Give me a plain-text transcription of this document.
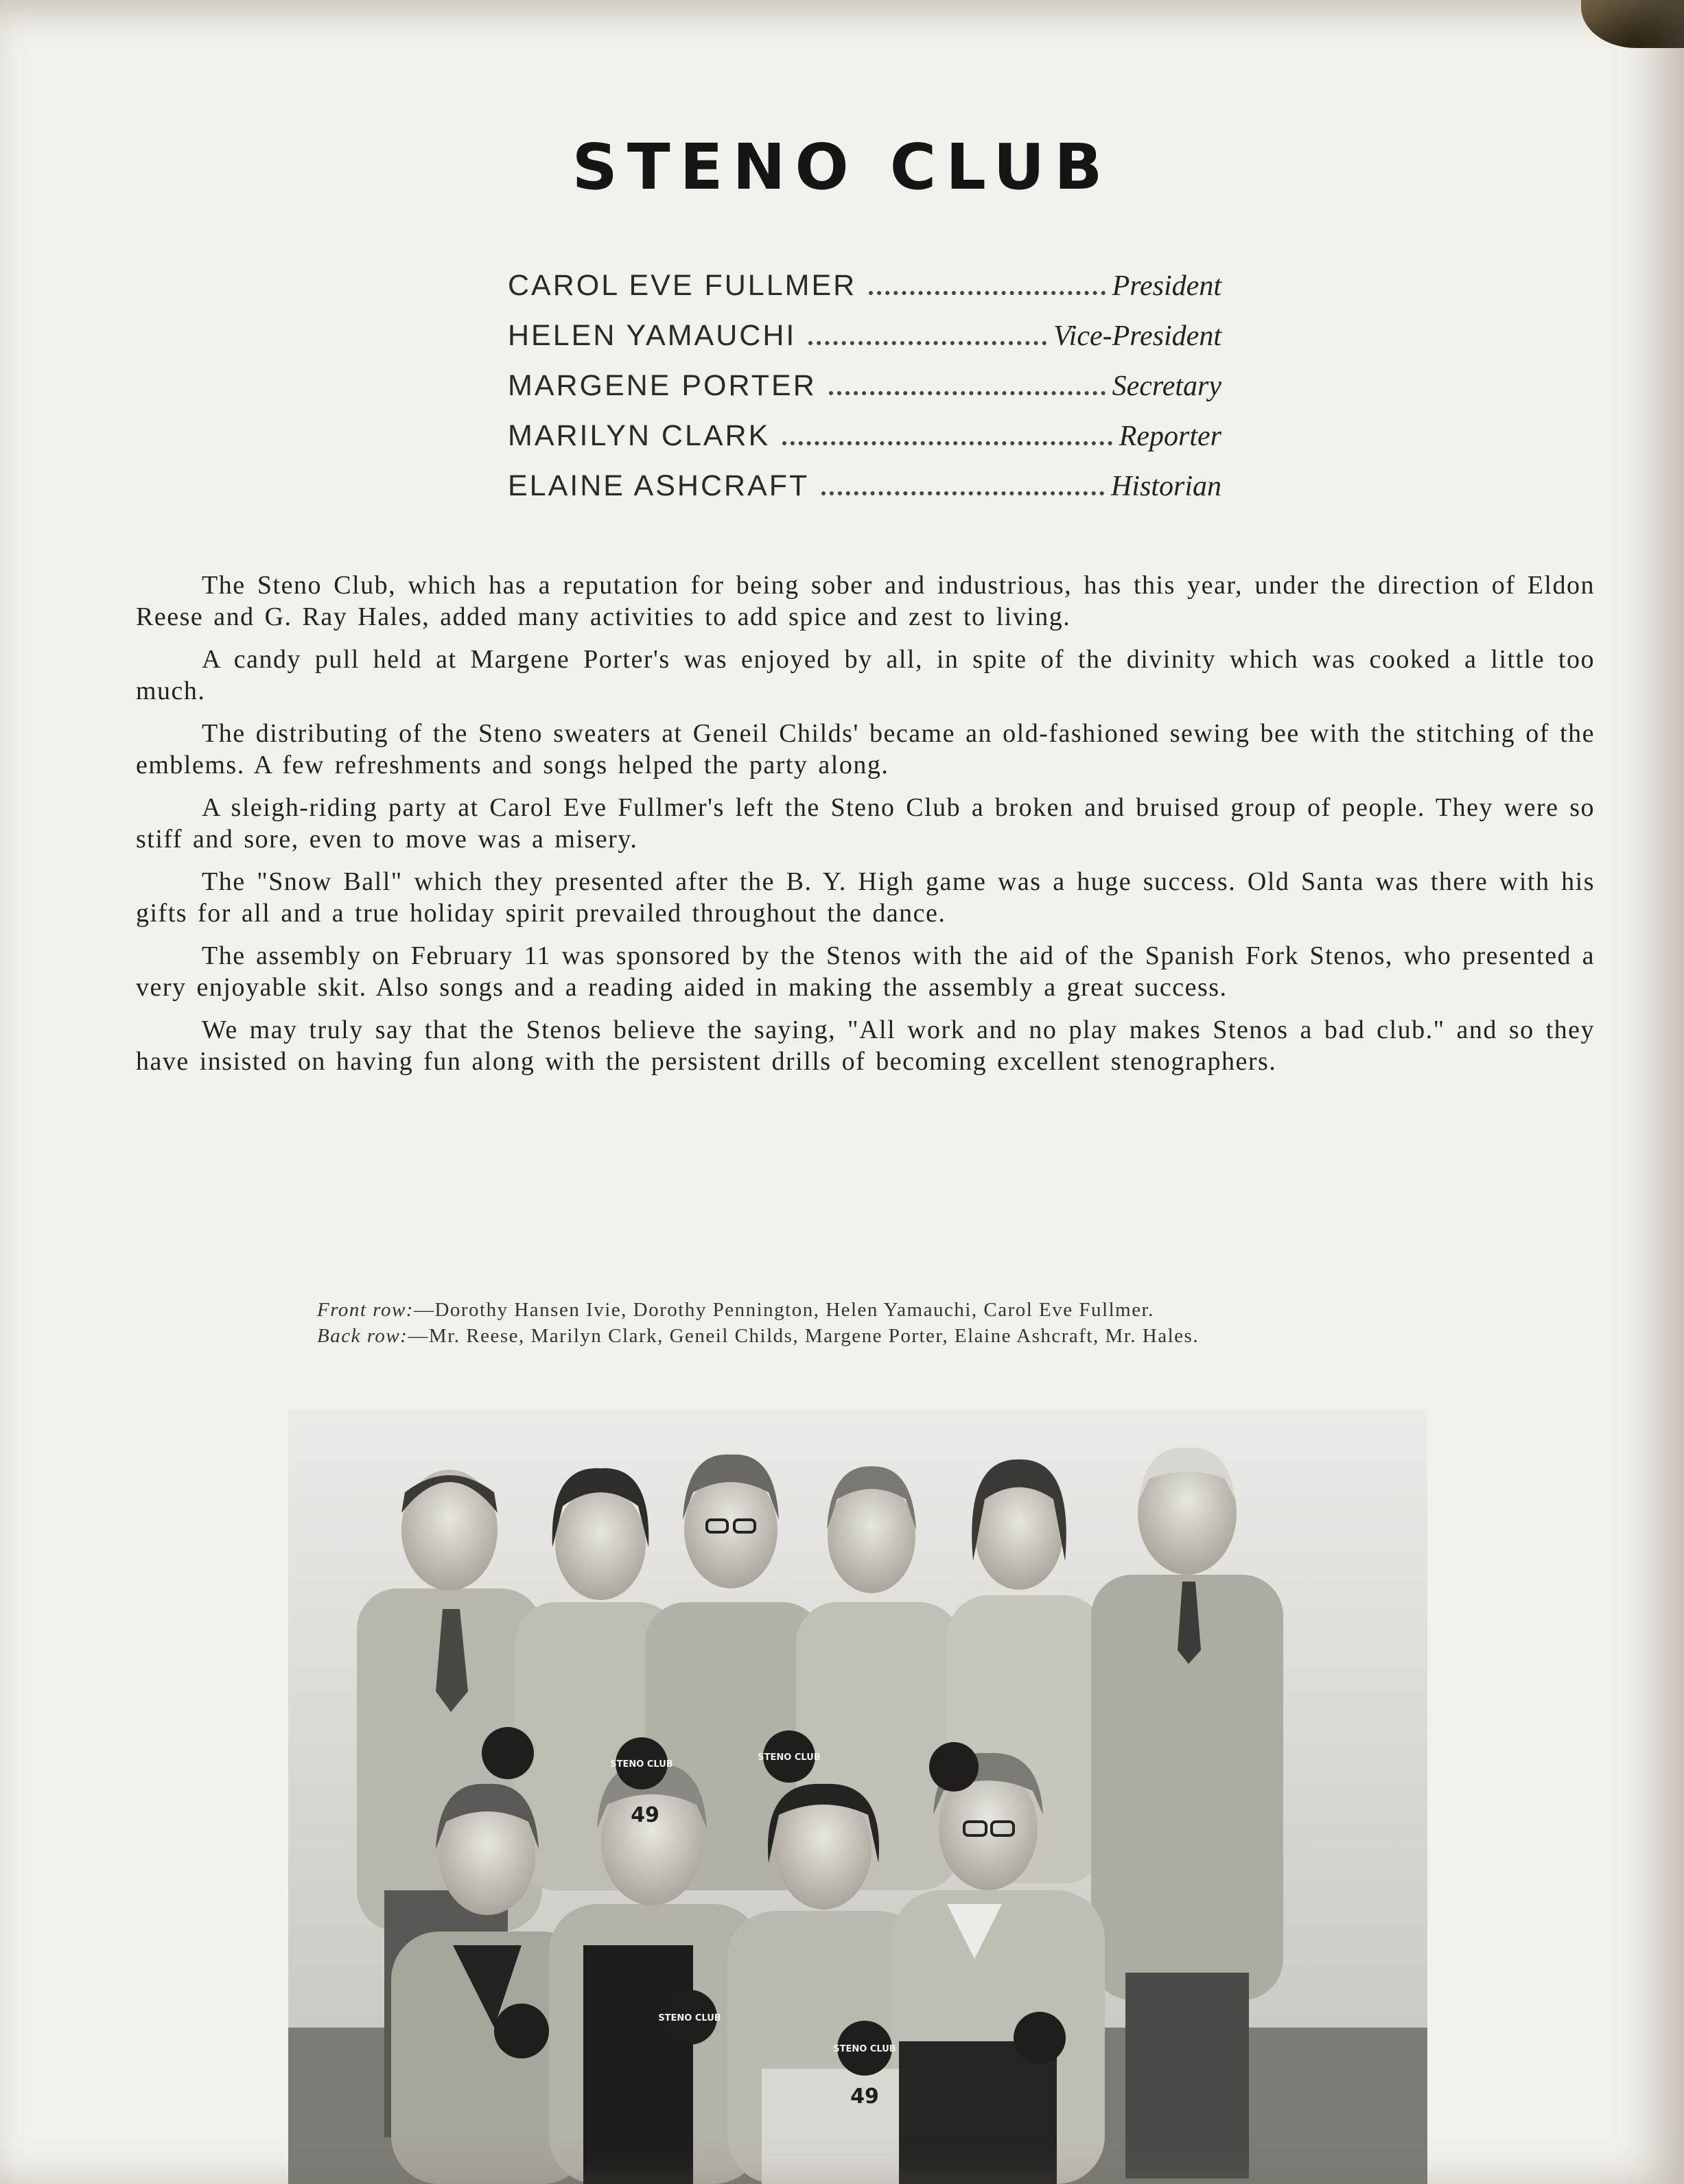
STENO CLUB
CAROL EVE FULLMER	President
HELEN YAMAUCHI	Vice-President
MARGENE PORTER	Secretary
MARILYN CLARK	Reporter
ELAINE ASHCRAFT	Historian

The Steno Club, which has a reputation for being sober and industrious, has this year, under the direction of Eldon Reese and G. Ray Hales, added many activities to add spice and zest to living.

A candy pull held at Margene Porter's was enjoyed by all, in spite of the divinity which was cooked a little too much.

The distributing of the Steno sweaters at Geneil Childs' became an old-fashioned sewing bee with the stitching of the emblems. A few refreshments and songs helped the party along.

A sleigh-riding party at Carol Eve Fullmer's left the Steno Club a broken and bruised group of people. They were so stiff and sore, even to move was a misery.

The "Snow Ball" which they presented after the B. Y. High game was a huge success. Old Santa was there with his gifts for all and a true holiday spirit prevailed throughout the dance.

The assembly on February 11 was sponsored by the Stenos with the aid of the Spanish Fork Stenos, who presented a very enjoyable skit. Also songs and a reading aided in making the assembly a great success.

We may truly say that the Stenos believe the saying, "All work and no play makes Stenos a bad club." and so they have insisted on having fun along with the persistent drills of becoming excellent stenographers.

Front row:—Dorothy Hansen Ivie, Dorothy Pennington, Helen Yamauchi, Carol Eve Fullmer.
Back row:—Mr. Reese, Marilyn Clark, Geneil Childs, Margene Porter, Elaine Ashcraft, Mr. Hales.
STENO CLUB
STENO CLUB
STENO CLUB
STENO CLUB
49
49
